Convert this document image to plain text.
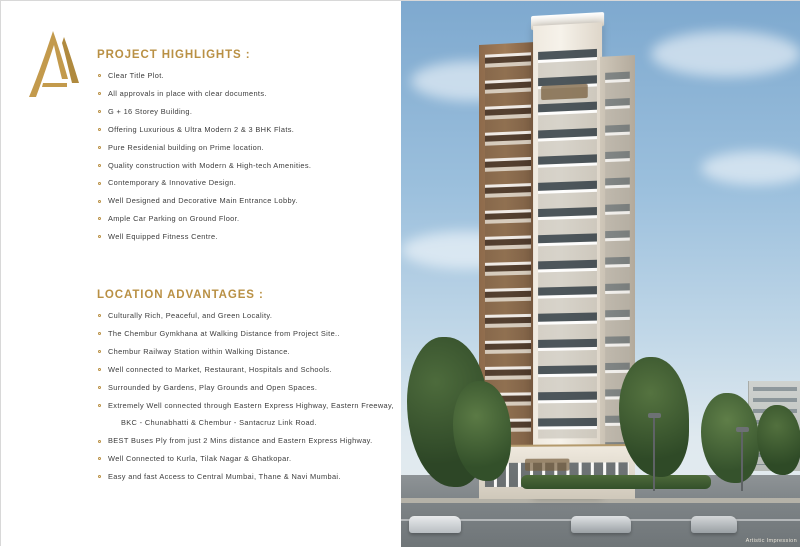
PROJECT HIGHLIGHTS :
Clear Title Plot.
All approvals in place with clear documents.
G + 16 Storey Building.
Offering Luxurious & Ultra Modern 2 & 3 BHK Flats.
Pure Residenial building on Prime location.
Quality construction with Modern & High-tech Amenities.
Contemporary & Innovative Design.
Well Designed and Decorative Main Entrance Lobby.
Ample Car Parking on Ground Floor.
Well Equipped Fitness Centre.
LOCATION ADVANTAGES :
Culturally Rich, Peaceful, and Green Locality.
The Chembur Gymkhana at Walking Distance from Project Site..
Chembur Railway Station within Walking Distance.
Well connected to Market, Restaurant, Hospitals and Schools.
Surrounded by Gardens, Play Grounds and Open Spaces.
Extremely Well connected through Eastern Express Highway, Eastern Freeway,
BKC - Chunabhatti & Chembur - Santacruz Link Road.
BEST Buses Ply from just 2 Mins distance and Eastern Express Highway.
Well Connected to Kurla, Tilak Nagar & Ghatkopar.
Easy and fast Access to Central Mumbai, Thane & Navi Mumbai.
Artistic Impression
